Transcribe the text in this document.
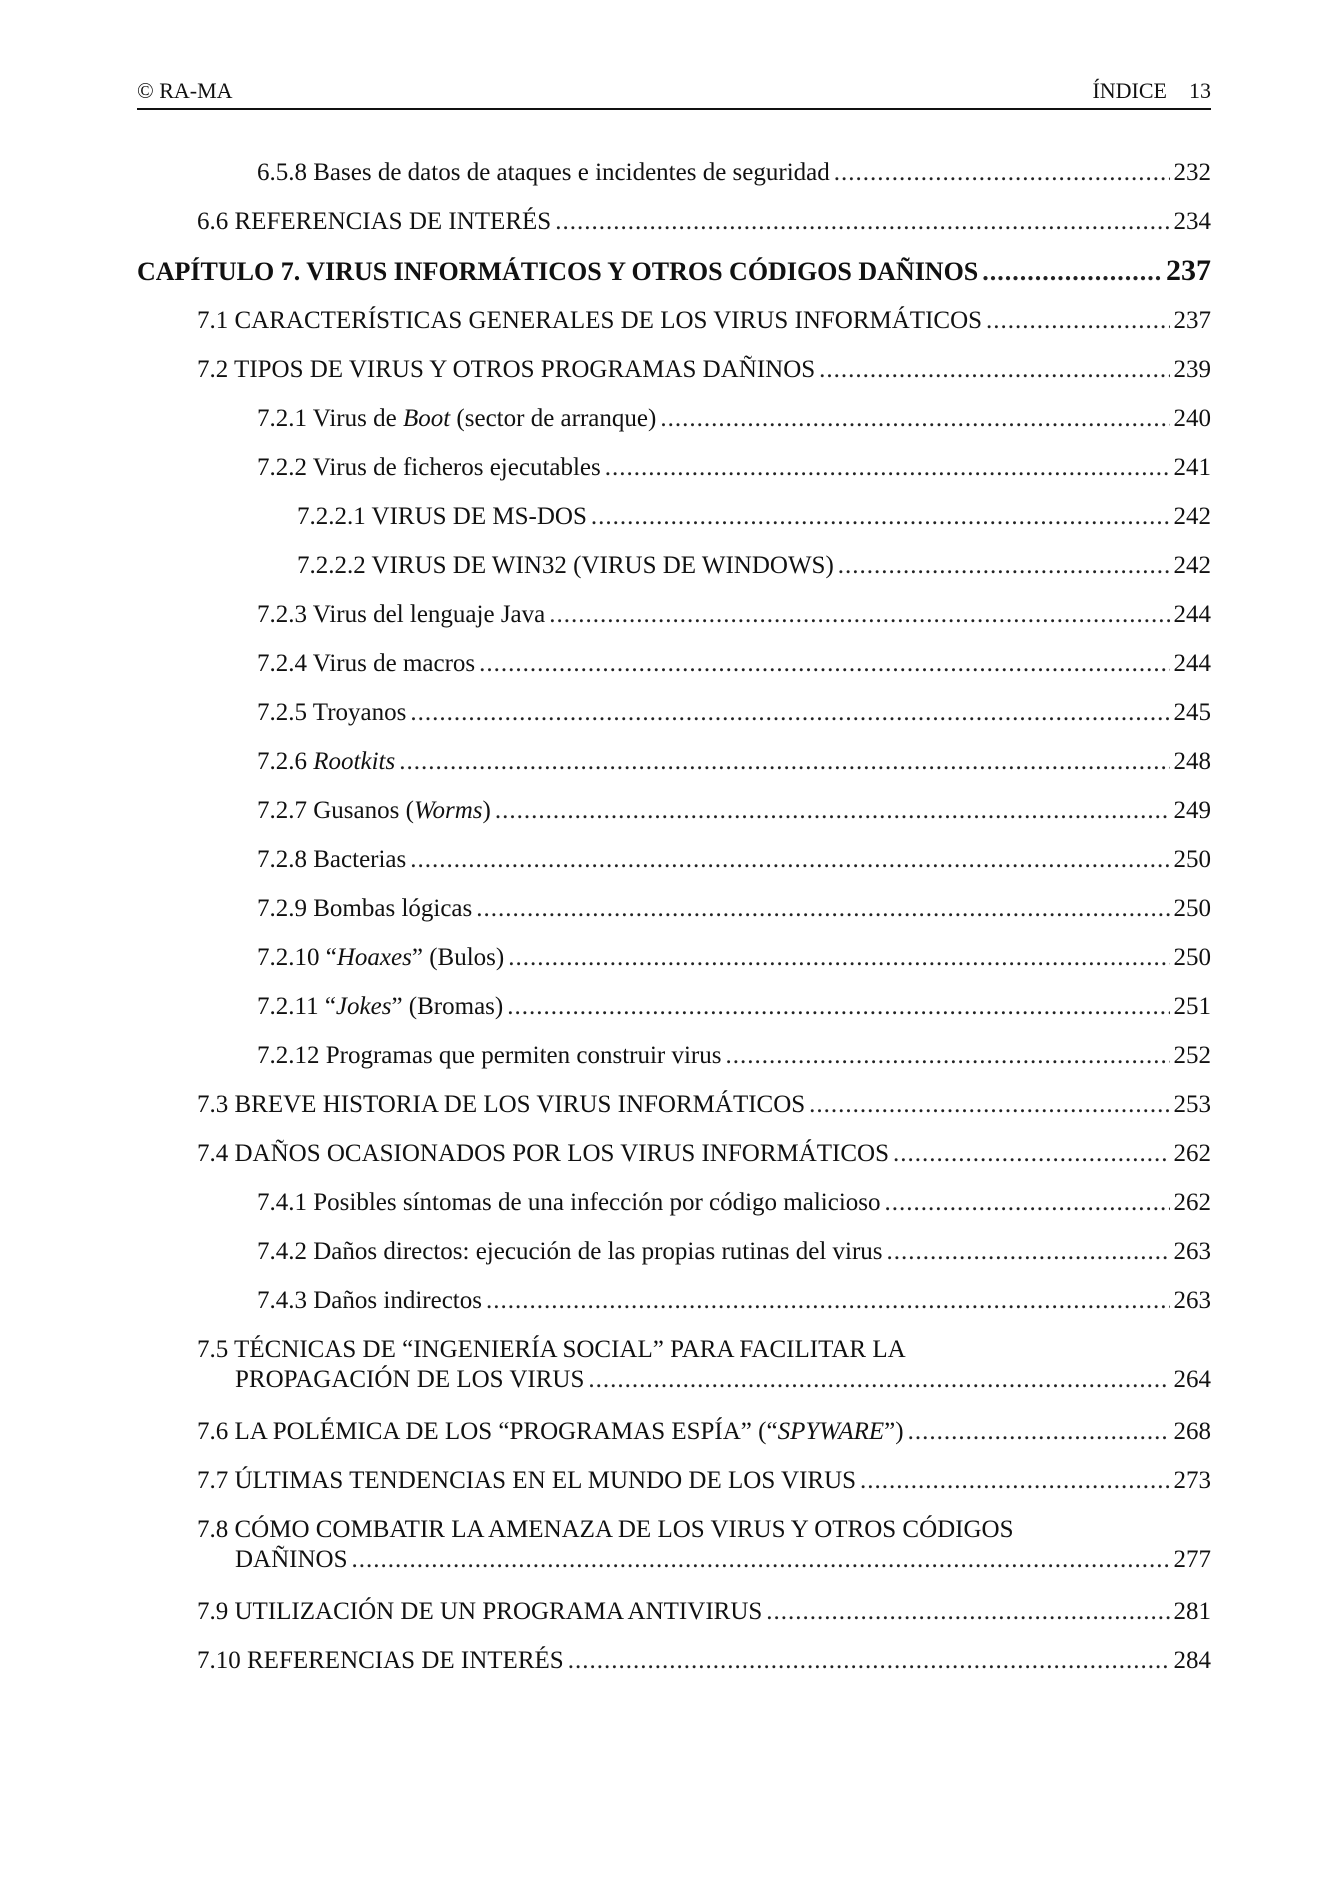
© RA-MA	ÍNDICE 13
6.5.8 Bases de datos de ataques e incidentes de seguridad .....	232
6.6 REFERENCIAS DE INTERÉS .....	234
CAPÍTULO 7. VIRUS INFORMÁTICOS Y OTROS CÓDIGOS DAÑINOS .....	237
7.1 CARACTERÍSTICAS GENERALES DE LOS VIRUS INFORMÁTICOS .....	237
7.2 TIPOS DE VIRUS Y OTROS PROGRAMAS DAÑINOS .....	239
7.2.1 Virus de Boot (sector de arranque) .....	240
7.2.2 Virus de ficheros ejecutables .....	241
7.2.2.1 VIRUS DE MS-DOS .....	242
7.2.2.2 VIRUS DE WIN32 (VIRUS DE WINDOWS) .....	242
7.2.3 Virus del lenguaje Java .....	244
7.2.4 Virus de macros .....	244
7.2.5 Troyanos .....	245
7.2.6 Rootkits .....	248
7.2.7 Gusanos (Worms) .....	249
7.2.8 Bacterias .....	250
7.2.9 Bombas lógicas .....	250
7.2.10 “Hoaxes” (Bulos) .....	250
7.2.11 “Jokes” (Bromas) .....	251
7.2.12 Programas que permiten construir virus .....	252
7.3 BREVE HISTORIA DE LOS VIRUS INFORMÁTICOS .....	253
7.4 DAÑOS OCASIONADOS POR LOS VIRUS INFORMÁTICOS .....	262
7.4.1 Posibles síntomas de una infección por código malicioso .....	262
7.4.2 Daños directos: ejecución de las propias rutinas del virus .....	263
7.4.3 Daños indirectos .....	263
7.5 TÉCNICAS DE “INGENIERÍA SOCIAL” PARA FACILITAR LA
PROPAGACIÓN DE LOS VIRUS .....	264
7.6 LA POLÉMICA DE LOS “PROGRAMAS ESPÍA” (“SPYWARE”) .....	268
7.7 ÚLTIMAS TENDENCIAS EN EL MUNDO DE LOS VIRUS .....	273
7.8 CÓMO COMBATIR LA AMENAZA DE LOS VIRUS Y OTROS CÓDIGOS
DAÑINOS .....	277
7.9 UTILIZACIÓN DE UN PROGRAMA ANTIVIRUS .....	281
7.10 REFERENCIAS DE INTERÉS .....	284
